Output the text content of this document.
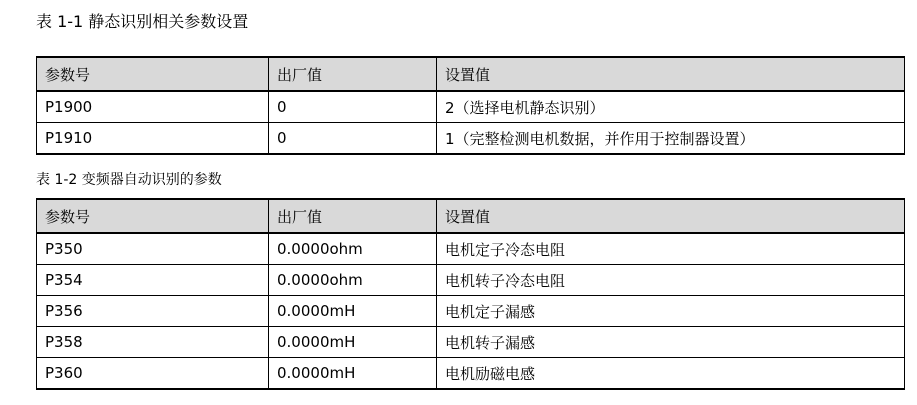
表 1-1 静态识别相关参数设置
参数号	出厂值	设置值
P1900	0	2（选择电机静态识别）
P1910	0	1（完整检测电机数据，并作用于控制器设置）
表 1-2 变频器自动识别的参数
参数号	出厂值	设置值
P350	0.0000ohm	电机定子冷态电阻
P354	0.0000ohm	电机转子冷态电阻
P356	0.0000mH	电机定子漏感
P358	0.0000mH	电机转子漏感
P360	0.0000mH	电机励磁电感
